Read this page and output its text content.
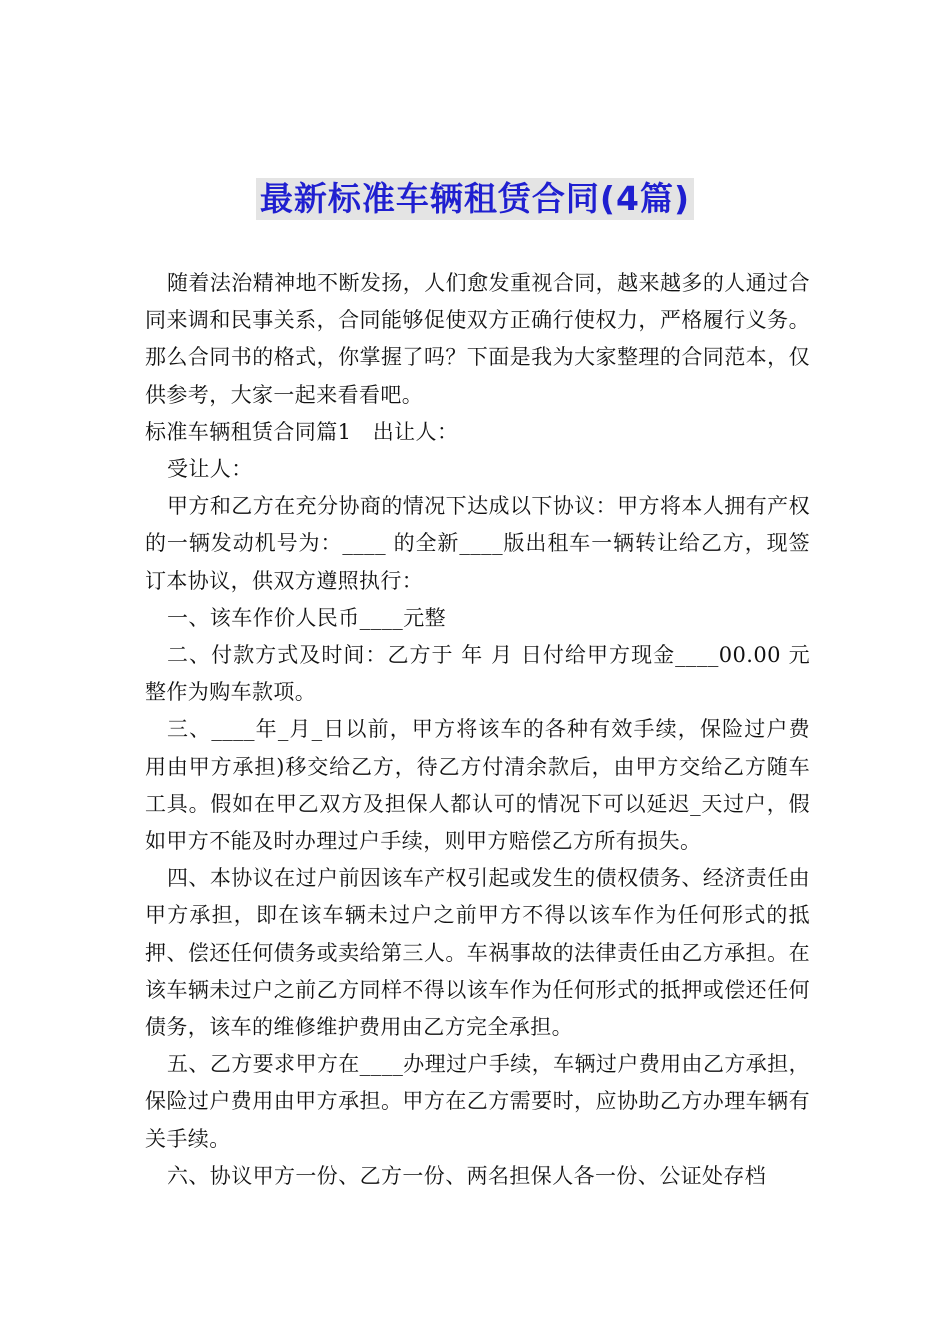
最新标准车辆租赁合同(4篇)

随着法治精神地不断发扬，人们愈发重视合同，越来越多的人通过合同来调和民事关系，合同能够促使双方正确行使权力，严格履行义务。那么合同书的格式，你掌握了吗？下面是我为大家整理的合同范本，仅供参考，大家一起来看看吧。

标准车辆租赁合同篇1　出让人：

受让人：

甲方和乙方在充分协商的情况下达成以下协议：甲方将本人拥有产权的一辆发动机号为：____ 的全新____版出租车一辆转让给乙方，现签订本协议，供双方遵照执行：

一、该车作价人民币____元整

二、付款方式及时间：乙方于 年 月 日付给甲方现金____00.00 元整作为购车款项。

三、____年_月_日以前，甲方将该车的各种有效手续，保险过户费用由甲方承担)移交给乙方，待乙方付清余款后，由甲方交给乙方随车工具。假如在甲乙双方及担保人都认可的情况下可以延迟_天过户，假如甲方不能及时办理过户手续，则甲方赔偿乙方所有损失。

四、本协议在过户前因该车产权引起或发生的债权债务、经济责任由甲方承担，即在该车辆未过户之前甲方不得以该车作为任何形式的抵押、偿还任何债务或卖给第三人。车祸事故的法律责任由乙方承担。在该车辆未过户之前乙方同样不得以该车作为任何形式的抵押或偿还任何债务，该车的维修维护费用由乙方完全承担。

五、乙方要求甲方在____办理过户手续，车辆过户费用由乙方承担，保险过户费用由甲方承担。甲方在乙方需要时，应协助乙方办理车辆有关手续。

六、协议甲方一份、乙方一份、两名担保人各一份、公证处存档
